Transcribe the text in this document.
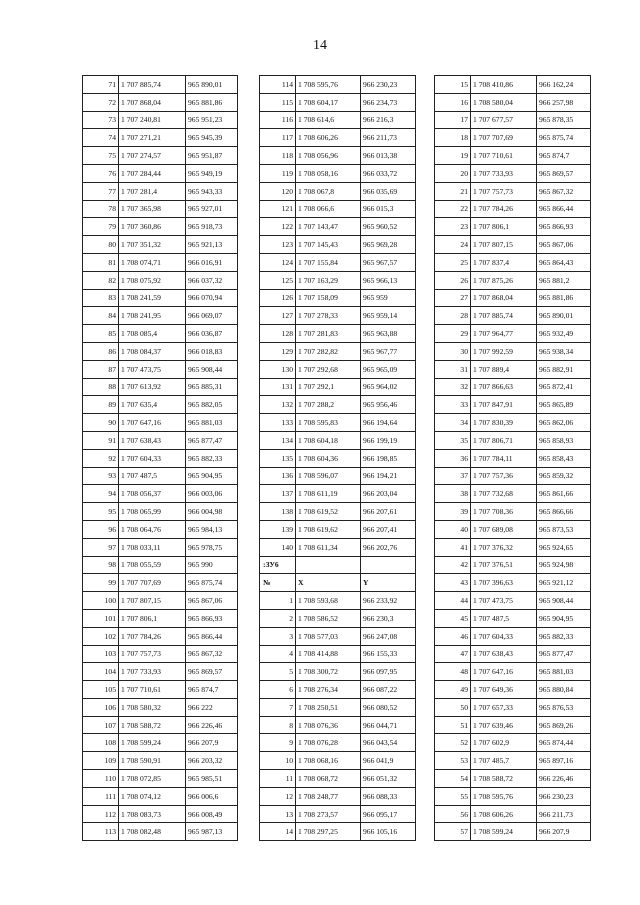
14
71	1 707 885,74	965 890,01
72	1 707 868,04	965 881,86
73	1 707 240,81	965 951,23
74	1 707 271,21	965 945,39
75	1 707 274,57	965 951,87
76	1 707 284,44	965 949,19
77	1 707 281,4	965 943,33
78	1 707 365,98	965 927,01
79	1 707 360,86	965 918,73
80	1 707 351,32	965 921,13
81	1 708 074,71	966 016,91
82	1 708 075,92	966 037,32
83	1 708 241,59	966 070,94
84	1 708 241,95	966 069,07
85	1 708 085,4	966 036,87
86	1 708 084,37	966 018,83
87	1 707 473,75	965 908,44
88	1 707 613,92	965 885,31
89	1 707 635,4	965 882,05
90	1 707 647,16	965 881,03
91	1 707 638,43	965 877,47
92	1 707 604,33	965 882,33
93	1 707 487,5	965 904,95
94	1 708 056,37	966 003,06
95	1 708 065,99	966 004,98
96	1 708 064,76	965 984,13
97	1 708 033,11	965 978,75
98	1 708 055,59	965 990
99	1 707 707,69	965 875,74
100	1 707 807,15	965 867,06
101	1 707 806,1	965 866,93
102	1 707 784,26	965 866,44
103	1 707 757,73	965 867,32
104	1 707 733,93	965 869,57
105	1 707 710,61	965 874,7
106	1 708 580,32	966 222
107	1 708 588,72	966 226,46
108	1 708 599,24	966 207,9
109	1 708 590,91	966 203,32
110	1 708 072,85	965 985,51
111	1 708 074,12	966 006,6
112	1 708 083,73	966 008,49
113	1 708 082,48	965 987,13
114	1 708 595,76	966 230,23
115	1 708 604,17	966 234,73
116	1 708 614,6	966 216,3
117	1 708 606,26	966 211,73
118	1 708 056,96	966 013,38
119	1 708 058,16	966 033,72
120	1 708 067,8	966 035,69
121	1 708 066,6	966 015,3
122	1 707 143,47	965 960,52
123	1 707 145,43	965 969,28
124	1 707 155,84	965 967,57
125	1 707 163,29	965 966,13
126	1 707 158,09	965 959
127	1 707 278,33	965 959,14
128	1 707 281,83	965 963,88
129	1 707 282,82	965 967,77
130	1 707 292,68	965 965,09
131	1 707 292,1	965 964,02
132	1 707 288,2	965 956,46
133	1 708 595,83	966 194,64
134	1 708 604,18	966 199,19
135	1 708 604,36	966 198,85
136	1 708 596,07	966 194,21
137	1 708 611,19	966 203,04
138	1 708 619,52	966 207,61
139	1 708 619,62	966 207,41
140	1 708 611,34	966 202,76
:ЗУ6		
№	X	Y
1	1 708 593,68	966 233,92
2	1 708 586,52	966 230,3
3	1 708 577,03	966 247,08
4	1 708 414,88	966 155,33
5	1 708 300,72	966 097,95
6	1 708 276,34	966 087,22
7	1 708 250,51	966 080,52
8	1 708 076,36	966 044,71
9	1 708 076,28	966 043,54
10	1 708 068,16	966 041,9
11	1 708 068,72	966 051,32
12	1 708 248,77	966 088,33
13	1 708 273,57	966 095,17
14	1 708 297,25	966 105,16
15	1 708 410,86	966 162,24
16	1 708 580,04	966 257,98
17	1 707 677,57	965 878,35
18	1 707 707,69	965 875,74
19	1 707 710,61	965 874,7
20	1 707 733,93	965 869,57
21	1 707 757,73	965 867,32
22	1 707 784,26	965 866,44
23	1 707 806,1	965 866,93
24	1 707 807,15	965 867,06
25	1 707 837,4	965 864,43
26	1 707 875,26	965 881,2
27	1 707 868,04	965 881,86
28	1 707 885,74	965 890,01
29	1 707 964,77	965 932,49
30	1 707 992,59	965 938,34
31	1 707 889,4	965 882,91
32	1 707 866,63	965 872,41
33	1 707 847,91	965 865,89
34	1 707 830,39	965 862,06
35	1 707 806,71	965 858,93
36	1 707 784,11	965 858,43
37	1 707 757,36	965 859,32
38	1 707 732,68	965 861,66
39	1 707 708,36	965 866,66
40	1 707 689,08	965 873,53
41	1 707 376,32	965 924,65
42	1 707 376,51	965 924,98
43	1 707 396,63	965 921,12
44	1 707 473,75	965 908,44
45	1 707 487,5	965 904,95
46	1 707 604,33	965 882,33
47	1 707 638,43	965 877,47
48	1 707 647,16	965 881,03
49	1 707 649,36	965 880,84
50	1 707 657,33	965 876,53
51	1 707 639,46	965 869,26
52	1 707 602,9	965 874,44
53	1 707 485,7	965 897,16
54	1 708 588,72	966 226,46
55	1 708 595,76	966 230,23
56	1 708 606,26	966 211,73
57	1 708 599,24	966 207,9
